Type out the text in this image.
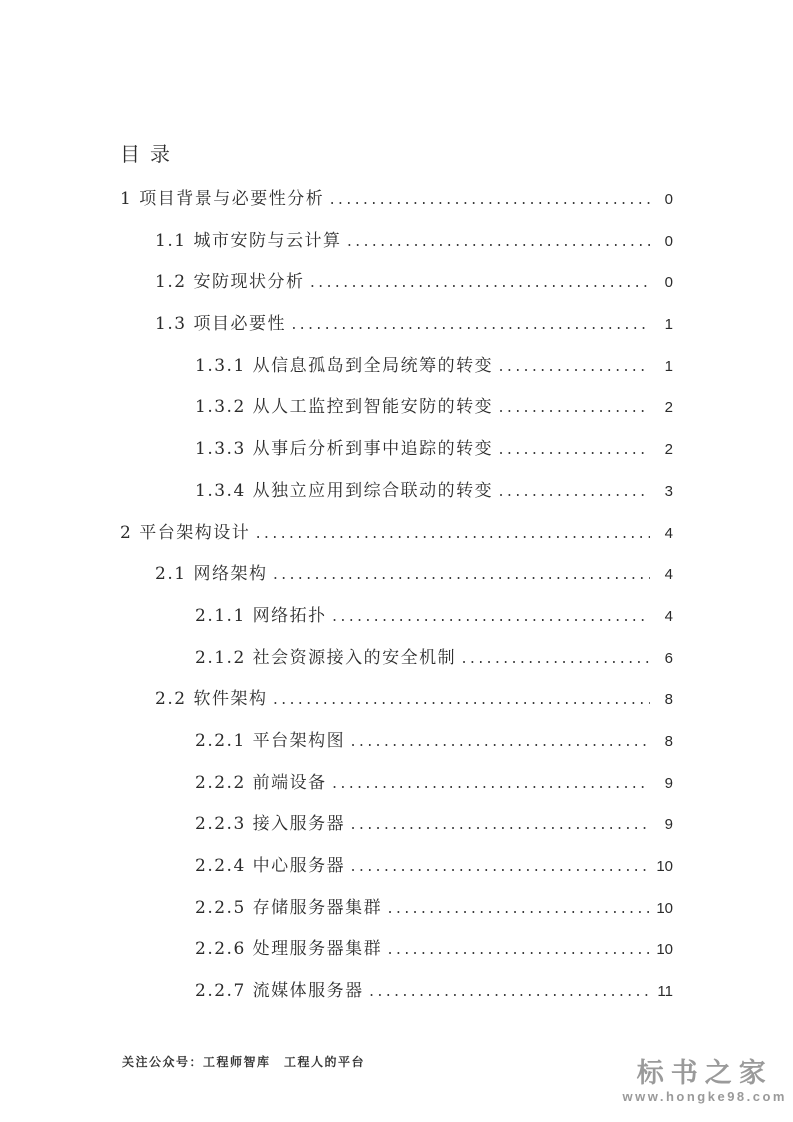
目录
1 项目背景与必要性分析 .....	0
1.1 城市安防与云计算 .....	0
1.2 安防现状分析 .....	0
1.3 项目必要性 .....	1
1.3.1 从信息孤岛到全局统筹的转变 .....	1
1.3.2 从人工监控到智能安防的转变 .....	2
1.3.3 从事后分析到事中追踪的转变 .....	2
1.3.4 从独立应用到综合联动的转变 .....	3
2 平台架构设计 .....	4
2.1 网络架构 .....	4
2.1.1 网络拓扑 .....	4
2.1.2 社会资源接入的安全机制 .....	6
2.2 软件架构 .....	8
2.2.1 平台架构图 .....	8
2.2.2 前端设备 .....	9
2.2.3 接入服务器 .....	9
2.2.4 中心服务器 .....	10
2.2.5 存储服务器集群 .....	10
2.2.6 处理服务器集群 .....	10
2.2.7 流媒体服务器 .....	11
关注公众号：工程师智库　工程人的平台	标书之家
www.hongke98.com
